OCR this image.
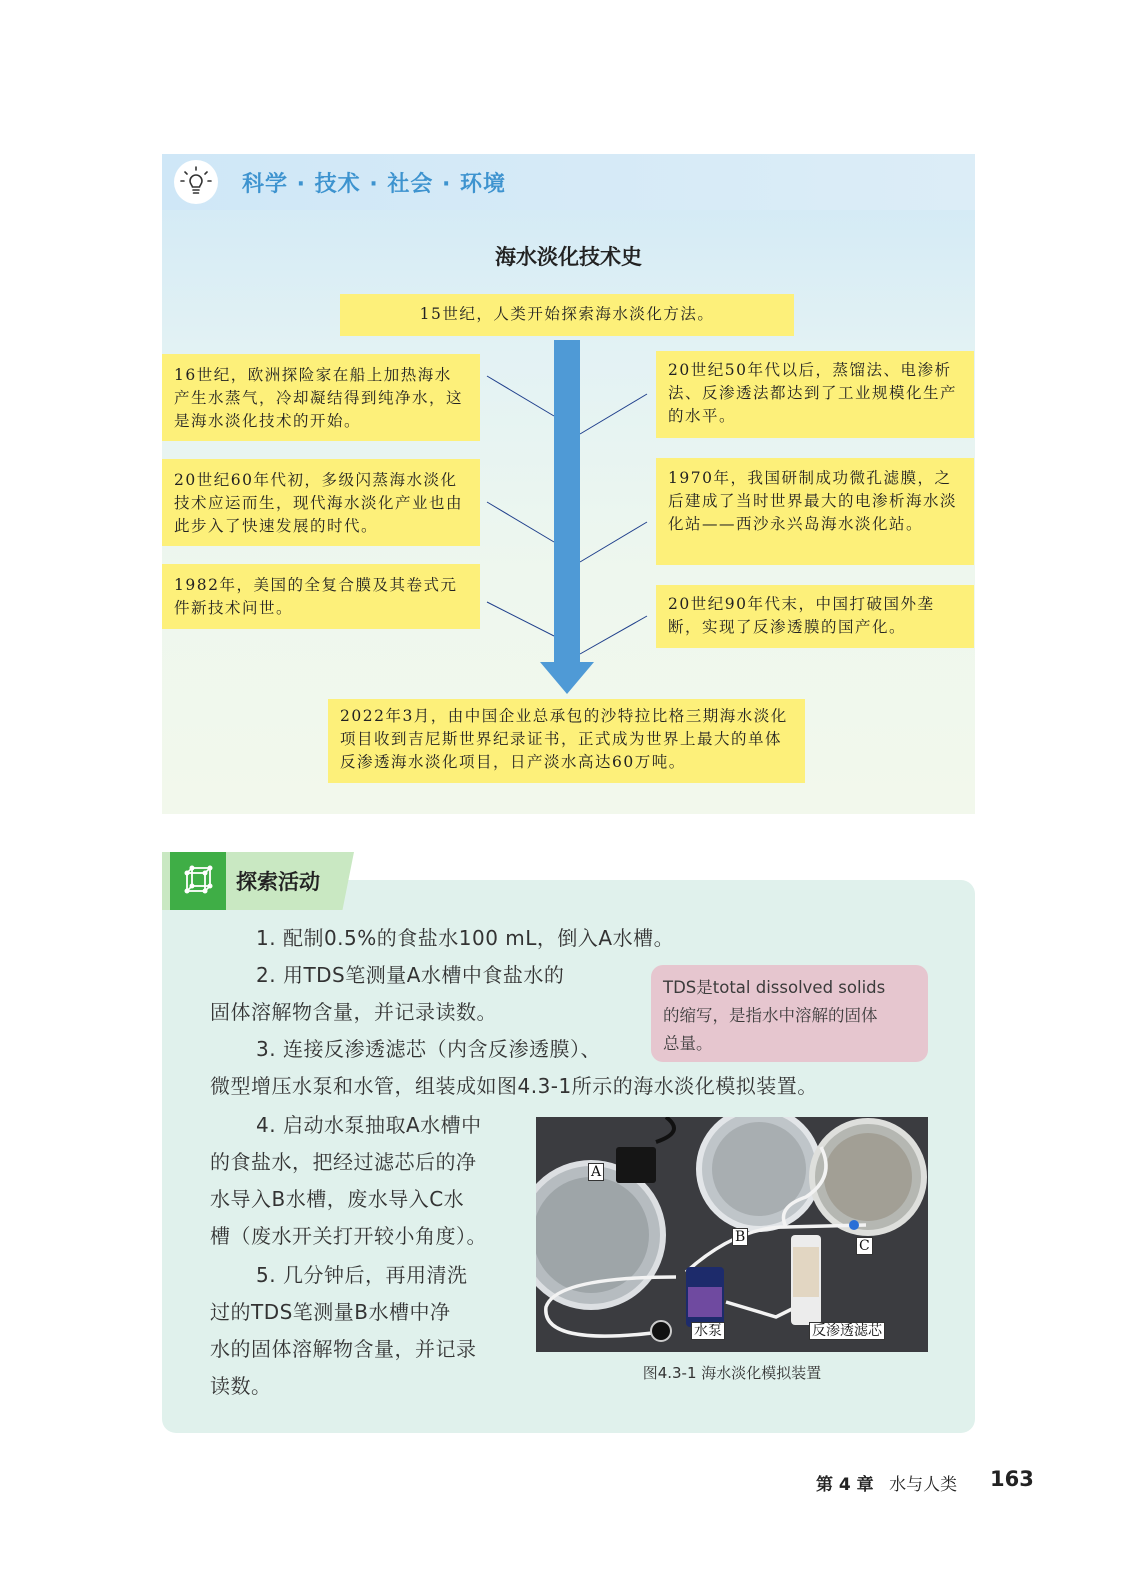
科学 · 技术 · 社会 · 环境
海水淡化技术史
15世纪，人类开始探索海水淡化方法。
16世纪，欧洲探险家在船上加热海水产生水蒸气，冷却凝结得到纯净水，这是海水淡化技术的开始。
20世纪60年代初，多级闪蒸海水淡化技术应运而生，现代海水淡化产业也由此步入了快速发展的时代。
1982年，美国的全复合膜及其卷式元件新技术问世。
20世纪50年代以后，蒸馏法、电渗析法、反渗透法都达到了工业规模化生产的水平。
1970年，我国研制成功微孔滤膜，之后建成了当时世界最大的电渗析海水淡化站——西沙永兴岛海水淡化站。
20世纪90年代末，中国打破国外垄断，实现了反渗透膜的国产化。
2022年3月，由中国企业总承包的沙特拉比格三期海水淡化项目收到吉尼斯世界纪录证书，正式成为世界上最大的单体反渗透海水淡化项目，日产淡水高达60万吨。
探索活动
1. 配制0.5%的食盐水100 mL，倒入A水槽。
2. 用TDS笔测量A水槽中食盐水的
固体溶解物含量，并记录读数。
3. 连接反渗透滤芯（内含反渗透膜）、
微型增压水泵和水管，组装成如图4.3-1所示的海水淡化模拟装置。
TDS是total dissolved solids
的缩写，是指水中溶解的固体
总量。
4. 启动水泵抽取A水槽中
的食盐水，把经过滤芯后的净
水导入B水槽，废水导入C水
槽（废水开关打开较小角度）。
5. 几分钟后，再用清洗
过的TDS笔测量B水槽中净
水的固体溶解物含量，并记录
读数。
A
B
C
水泵	反渗透滤芯
图4.3-1 海水淡化模拟装置
第 4 章 水与人类 163
